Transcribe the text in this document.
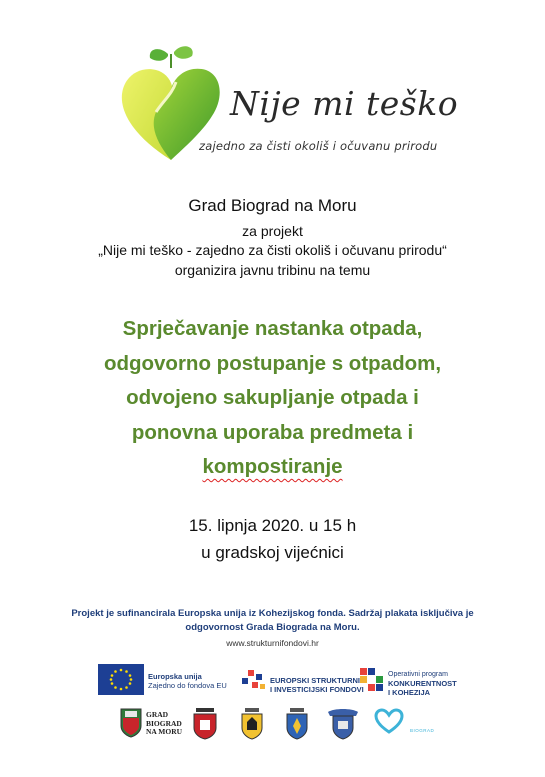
Nije mi teško
zajedno za čisti okoliš i očuvanu prirodu
Grad Biograd na Moru
za projekt
„Nije mi teško - zajedno za čisti okoliš i očuvanu prirodu“
organizira javnu tribinu na temu
Sprječavanje nastanka otpada,
odgovorno postupanje s otpadom,
odvojeno sakupljanje otpada i
ponovna uporaba predmeta i
kompostiranje
15. lipnja 2020. u 15 h
u gradskoj vijećnici
Projekt je sufinancirala Europska unija iz Kohezijskog fonda. Sadržaj plakata isključiva je
odgovornost Grada Biograda na Moru.
www.strukturnifondovi.hr
Europska unija
Zajedno do fondova EU
EUROPSKI STRUKTURNI
I INVESTICIJSKI FONDOVI
Operativni program
KONKURENTNOST
I KOHEZIJA
GRAD
BIOGRAD
NA MORU	BIOGRAD
